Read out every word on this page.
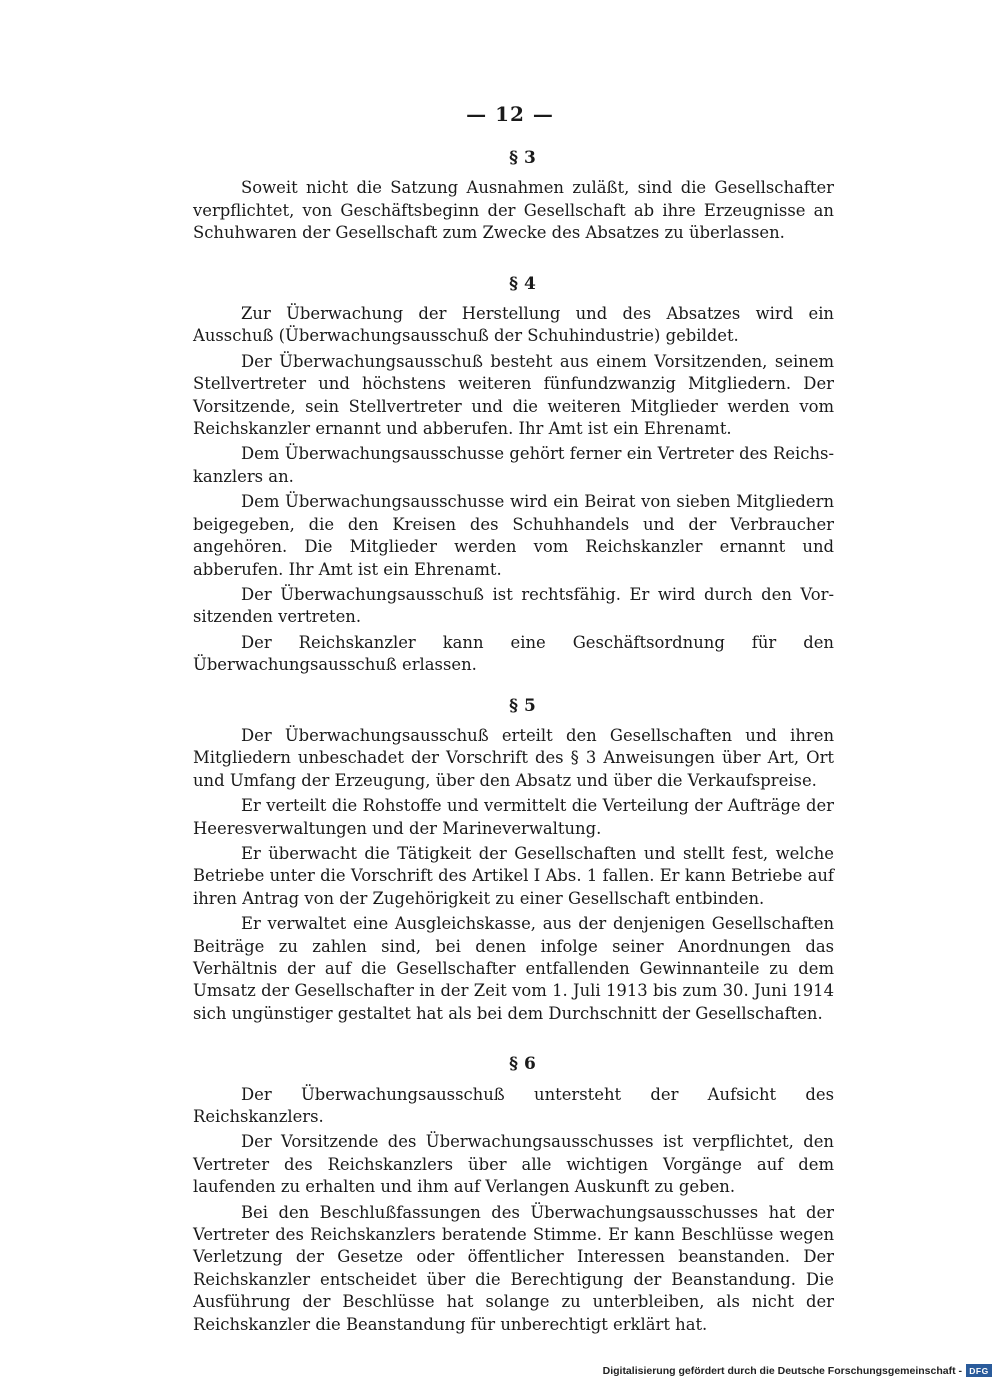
— 12 —
§ 3

Soweit nicht die Satzung Ausnahmen zuläßt, sind die Gesellschafter verpflichtet, von Geschäftsbeginn der Gesellschaft ab ihre Erzeugnisse an Schuhwaren der Gesellschaft zum Zwecke des Absatzes zu überlassen.

§ 4

Zur Überwachung der Herstellung und des Absatzes wird ein Ausschuß (Überwachungsausschuß der Schuhindustrie) gebildet.

Der Überwachungsausschuß besteht aus einem Vorsitzenden, seinem Stellvertreter und höchstens weiteren fünfundzwanzig Mitgliedern. Der Vorsitzende, sein Stellvertreter und die weiteren Mitglieder werden vom Reichskanzler ernannt und abberufen. Ihr Amt ist ein Ehrenamt.

Dem Überwachungsausschusse gehört ferner ein Vertreter des Reichskanzlers an.

Dem Überwachungsausschusse wird ein Beirat von sieben Mitgliedern beigegeben, die den Kreisen des Schuhhandels und der Verbraucher angehören. Die Mitglieder werden vom Reichskanzler ernannt und abberufen. Ihr Amt ist ein Ehrenamt.

Der Überwachungsausschuß ist rechtsfähig. Er wird durch den Vorsitzenden vertreten.

Der Reichskanzler kann eine Geschäftsordnung für den Überwachungsausschuß erlassen.

§ 5

Der Überwachungsausschuß erteilt den Gesellschaften und ihren Mitgliedern unbeschadet der Vorschrift des § 3 Anweisungen über Art, Ort und Umfang der Erzeugung, über den Absatz und über die Verkaufspreise.

Er verteilt die Rohstoffe und vermittelt die Verteilung der Aufträge der Heeresverwaltungen und der Marineverwaltung.

Er überwacht die Tätigkeit der Gesellschaften und stellt fest, welche Betriebe unter die Vorschrift des Artikel I Abs. 1 fallen. Er kann Betriebe auf ihren Antrag von der Zugehörigkeit zu einer Gesellschaft entbinden.

Er verwaltet eine Ausgleichskasse, aus der denjenigen Gesellschaften Beiträge zu zahlen sind, bei denen infolge seiner Anordnungen das Verhältnis der auf die Gesellschafter entfallenden Gewinnanteile zu dem Umsatz der Gesellschafter in der Zeit vom 1. Juli 1913 bis zum 30. Juni 1914 sich ungünstiger gestaltet hat als bei dem Durchschnitt der Gesellschaften.

§ 6

Der Überwachungsausschuß untersteht der Aufsicht des Reichskanzlers.

Der Vorsitzende des Überwachungsausschusses ist verpflichtet, den Vertreter des Reichskanzlers über alle wichtigen Vorgänge auf dem laufenden zu erhalten und ihm auf Verlangen Auskunft zu geben.

Bei den Beschlußfassungen des Überwachungsausschusses hat der Vertreter des Reichskanzlers beratende Stimme. Er kann Beschlüsse wegen Verletzung der Gesetze oder öffentlicher Interessen beanstanden. Der Reichskanzler entscheidet über die Berechtigung der Beanstandung. Die Ausführung der Beschlüsse hat solange zu unterbleiben, als nicht der Reichskanzler die Beanstandung für unberechtigt erklärt hat.

Digitalisierung gefördert durch die Deutsche Forschungsgemeinschaft - DFG
